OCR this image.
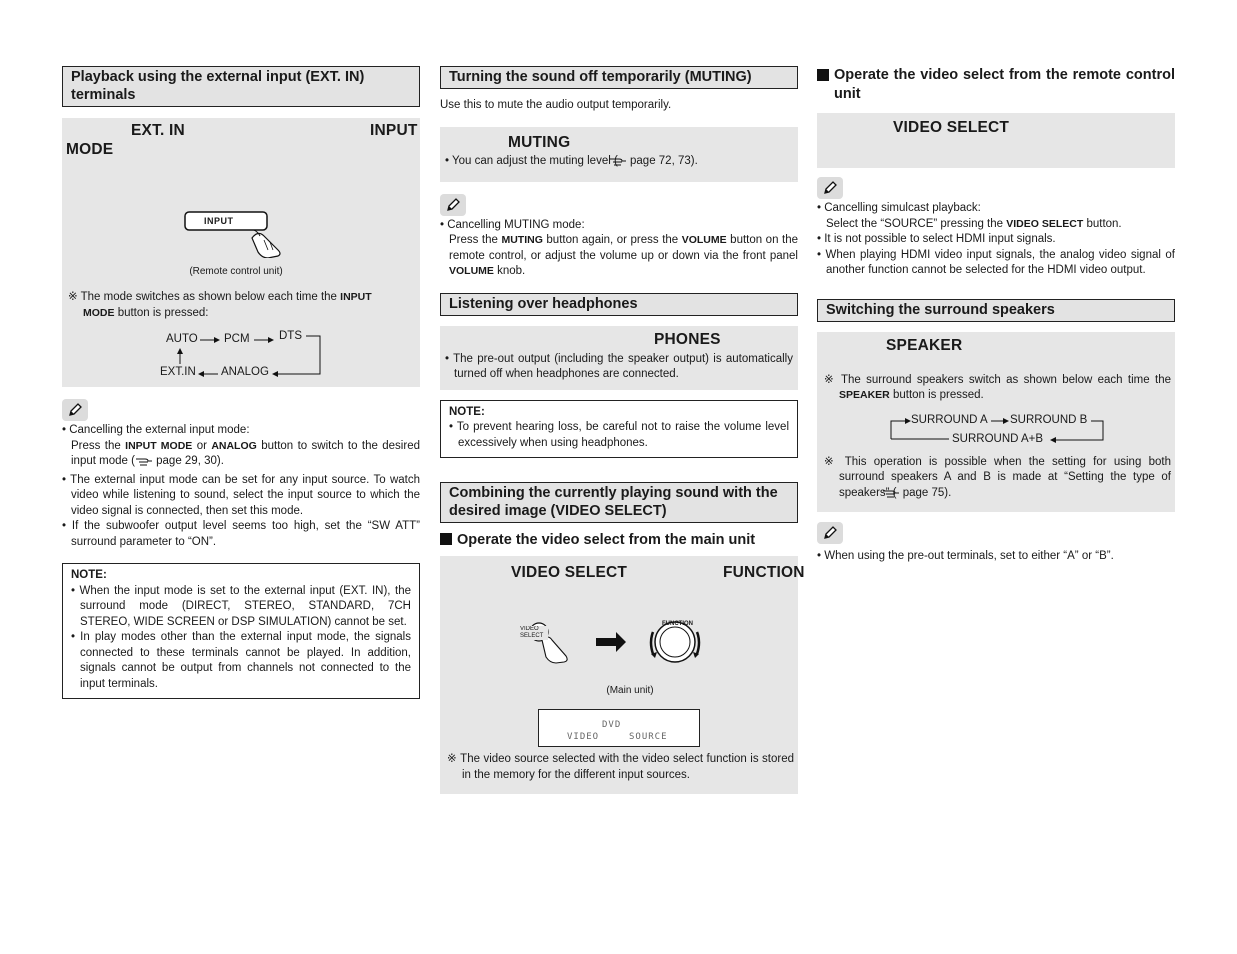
Playback using the external input (EXT. IN) terminals
EXT. IN	INPUT
MODE
INPUT
(Remote control unit)
※ The mode switches as shown below each time the INPUT
MODE button is pressed:
AUTO PCM	DTS
EXT.IN ANALOG
• Cancelling the external input mode:
Press the INPUT MODE or ANALOG button to switch to the desired input mode ( page 29, 30).
• The external input mode can be set for any input source. To watch video while listening to sound, select the input source to which the video signal is connected, then set this mode.
• If the subwoofer output level seems too high, set the “SW ATT” surround parameter to “ON”.
NOTE:
• When the input mode is set to the external input (EXT. IN), the surround mode (DIRECT, STEREO, STANDARD, 7CH STEREO, WIDE SCREEN or DSP SIMULATION) cannot be set.
• In play modes other than the external input mode, the signals connected to these terminals cannot be played. In addition, signals cannot be output from channels not connected to the input terminals.
Turning the sound off temporarily (MUTING)
Use this to mute the audio output temporarily.
MUTING
• You can adjust the muting level ( page 72, 73).
• Cancelling MUTING mode:
Press the MUTING button again, or press the VOLUME button on the remote control, or adjust the volume up or down via the front panel VOLUME knob.
Listening over headphones
PHONES
• The pre-out output (including the speaker output) is automatically turned off when headphones are connected.
NOTE:
• To prevent hearing loss, be careful not to raise the volume level excessively when using headphones.
Combining the currently playing sound with the desired image (VIDEO SELECT)
Operate the video select from the main unit
VIDEO SELECT	FUNCTION
VIDEO SELECT
FUNCTION
(Main unit)
DVD
VIDEO	SOURCE
※ The video source selected with the video select function is stored in the memory for the different input sources.
Operate the video select from the remote control unit
VIDEO SELECT
• Cancelling simulcast playback:
Select the “SOURCE” pressing the VIDEO SELECT button.
• It is not possible to select HDMI input signals.
• When playing HDMI video input signals, the analog video signal of another function cannot be selected for the HDMI video output.
Switching the surround speakers
SPEAKER
※ The surround speakers switch as shown below each time the SPEAKER button is pressed.
SURROUND A SURROUND B
SURROUND A+B
※ This operation is possible when the setting for using both surround speakers A and B is made at “Setting the type of speakers” ( page 75).
• When using the pre-out terminals, set to either “A” or “B”.
